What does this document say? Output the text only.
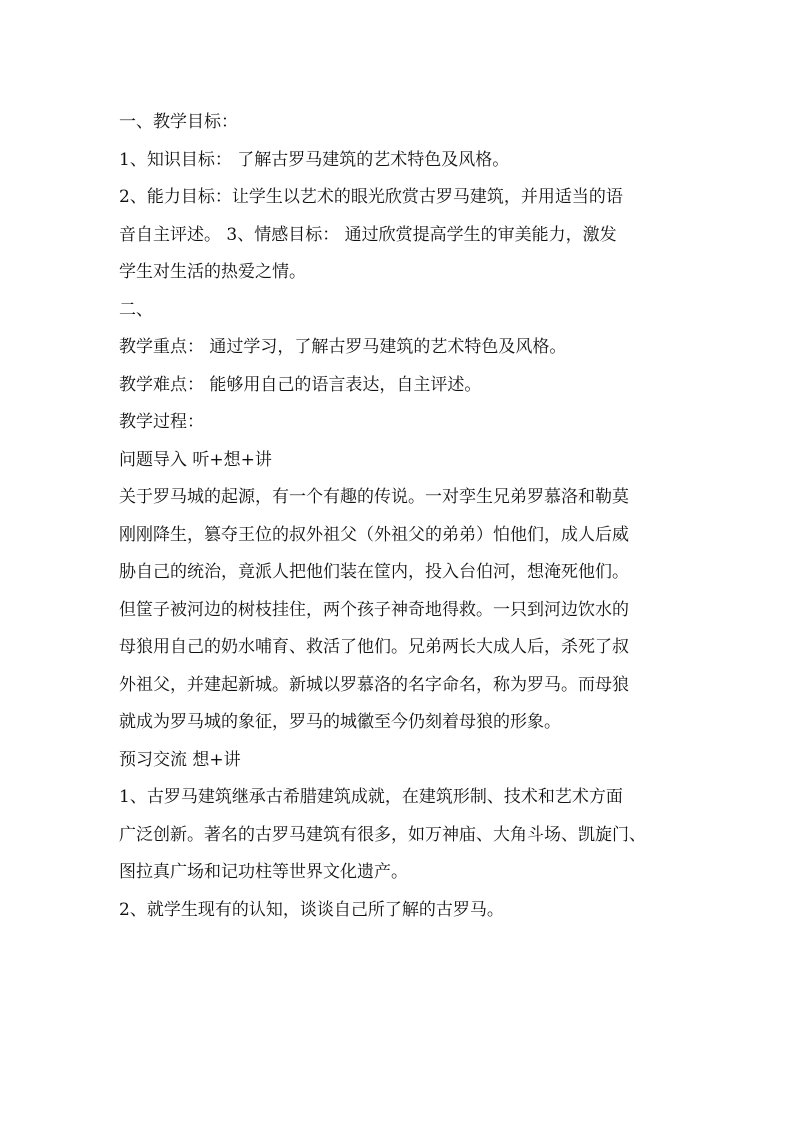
一、教学目标：
1、知识目标： 了解古罗马建筑的艺术特色及风格。
2、能力目标：让学生以艺术的眼光欣赏古罗马建筑，并用适当的语
音自主评述。 3、情感目标： 通过欣赏提高学生的审美能力，激发
学生对生活的热爱之情。
二、
教学重点： 通过学习，了解古罗马建筑的艺术特色及风格。
教学难点： 能够用自己的语言表达，自主评述。
教学过程：
问题导入 听+想+讲
关于罗马城的起源，有一个有趣的传说。一对孪生兄弟罗慕洛和勒莫
刚刚降生，篡夺王位的叔外祖父（外祖父的弟弟）怕他们，成人后威
胁自己的统治，竟派人把他们装在筐内，投入台伯河，想淹死他们。
但筐子被河边的树枝挂住，两个孩子神奇地得救。一只到河边饮水的
母狼用自己的奶水哺育、救活了他们。兄弟两长大成人后，杀死了叔
外祖父，并建起新城。新城以罗慕洛的名字命名，称为罗马。而母狼
就成为罗马城的象征，罗马的城徽至今仍刻着母狼的形象。
预习交流 想+讲
1、古罗马建筑继承古希腊建筑成就，在建筑形制、技术和艺术方面
广泛创新。著名的古罗马建筑有很多，如万神庙、大角斗场、凯旋门、
图拉真广场和记功柱等世界文化遗产。
2、就学生现有的认知，谈谈自己所了解的古罗马。
